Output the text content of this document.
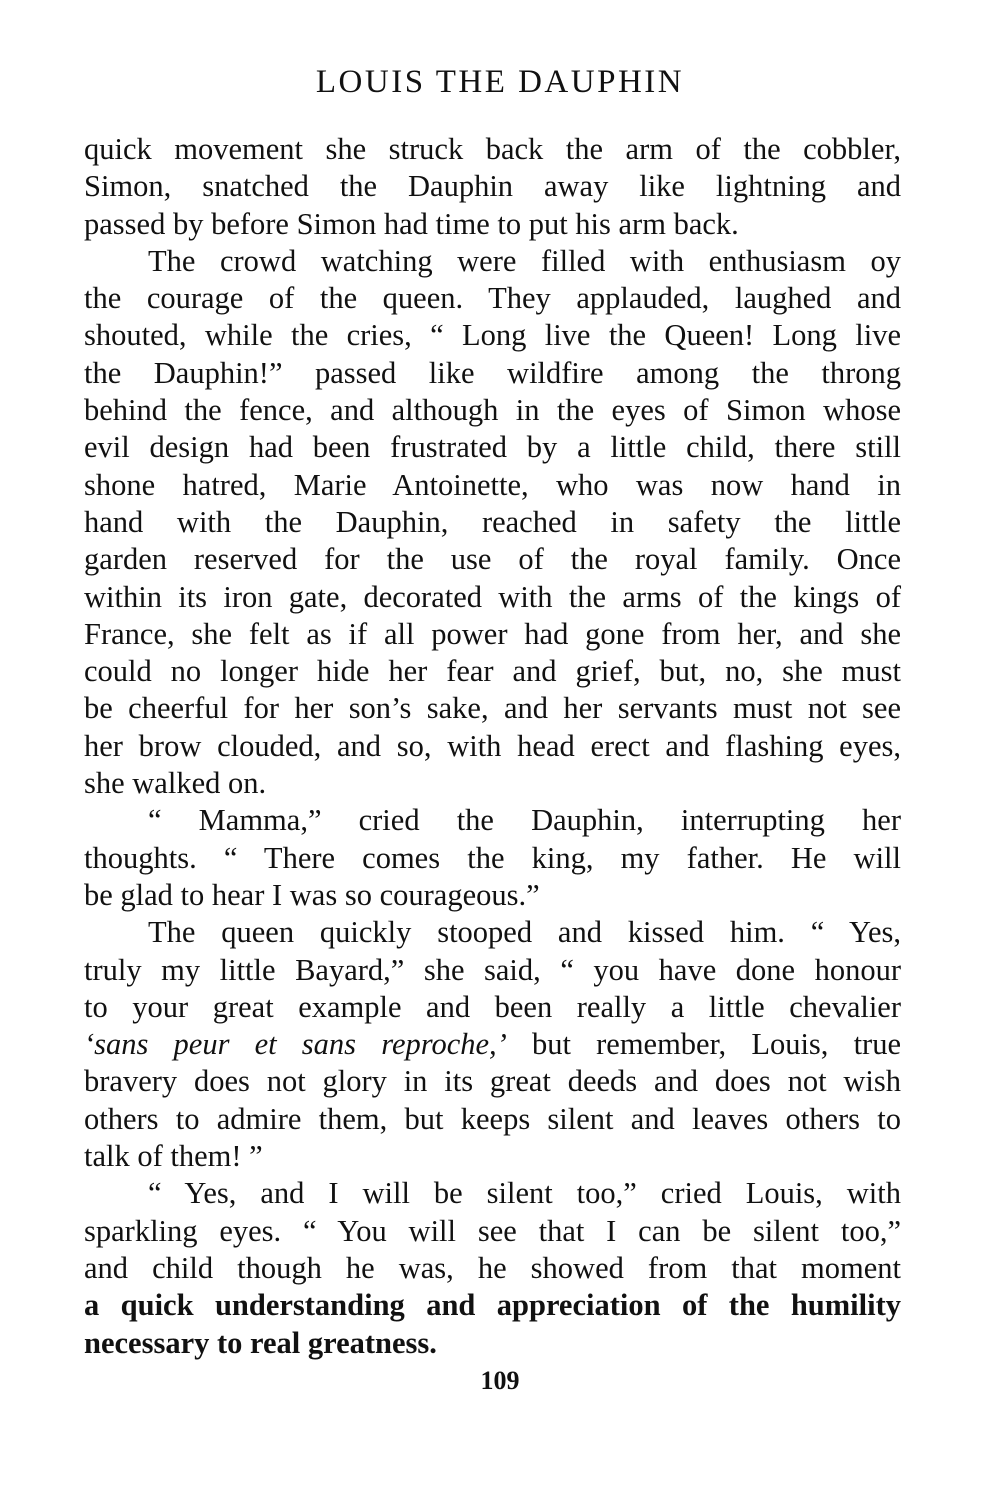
LOUIS THE DAUPHIN
quick movement she struck back the arm of the cobbler,
Simon, snatched the Dauphin away like lightning and
passed by before Simon had time to put his arm back.
The crowd watching were filled with enthusiasm oy
the courage of the queen. They applauded, laughed and
shouted, while the cries, “ Long live the Queen! Long live
the Dauphin!” passed like wildfire among the throng
behind the fence, and although in the eyes of Simon whose
evil design had been frustrated by a little child, there still
shone hatred, Marie Antoinette, who was now hand in
hand with the Dauphin, reached in safety the little
garden reserved for the use of the royal family. Once
within its iron gate, decorated with the arms of the kings of
France, she felt as if all power had gone from her, and she
could no longer hide her fear and grief, but, no, she must
be cheerful for her son’s sake, and her servants must not see
her brow clouded, and so, with head erect and flashing eyes,
she walked on.
“ Mamma,” cried the Dauphin, interrupting her
thoughts. “ There comes the king, my father. He will
be glad to hear I was so courageous.”
The queen quickly stooped and kissed him. “ Yes,
truly my little Bayard,” she said, “ you have done honour
to your great example and been really a little chevalier
‘sans peur et sans reproche,’ but remember, Louis, true
bravery does not glory in its great deeds and does not wish
others to admire them, but keeps silent and leaves others to
talk of them! ”
“ Yes, and I will be silent too,” cried Louis, with
sparkling eyes. “ You will see that I can be silent too,”
and child though he was, he showed from that moment
a quick understanding and appreciation of the humility
necessary to real greatness.
109
